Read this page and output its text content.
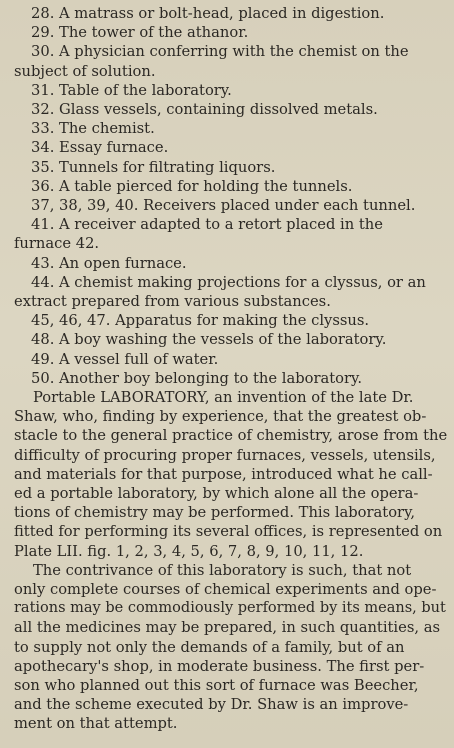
28. A matrass or bolt-head, placed in digestion.
29. The tower of the athanor.
30. A physician conferring with the chemist on the
subject of solution.
31. Table of the laboratory.
32. Glass vessels, containing dissolved metals.
33. The chemist.
34. Essay furnace.
35. Tunnels for filtrating liquors.
36. A table pierced for holding the tunnels.
37, 38, 39, 40. Receivers placed under each tunnel.
41. A receiver adapted to a retort placed in the
furnace 42.
43. An open furnace.
44. A chemist making projections for a clyssus, or an
extract prepared from various substances.
45, 46, 47. Apparatus for making the clyssus.
48. A boy washing the vessels of the laboratory.
49. A vessel full of water.
50. Another boy belonging to the laboratory.
Portable LABORATORY, an invention of the late Dr.
Shaw, who, finding by experience, that the greatest ob-
stacle to the general practice of chemistry, arose from the
difficulty of procuring proper furnaces, vessels, utensils,
and materials for that purpose, introduced what he call-
ed a portable laboratory, by which alone all the opera-
tions of chemistry may be performed. This laboratory,
fitted for performing its several offices, is represented on
Plate LII. fig. 1, 2, 3, 4, 5, 6, 7, 8, 9, 10, 11, 12.
The contrivance of this laboratory is such, that not
only complete courses of chemical experiments and ope-
rations may be commodiously performed by its means, but
all the medicines may be prepared, in such quantities, as
to supply not only the demands of a family, but of an
apothecary's shop, in moderate business. The first per-
son who planned out this sort of furnace was Beecher,
and the scheme executed by Dr. Shaw is an improve-
ment on that attempt.
